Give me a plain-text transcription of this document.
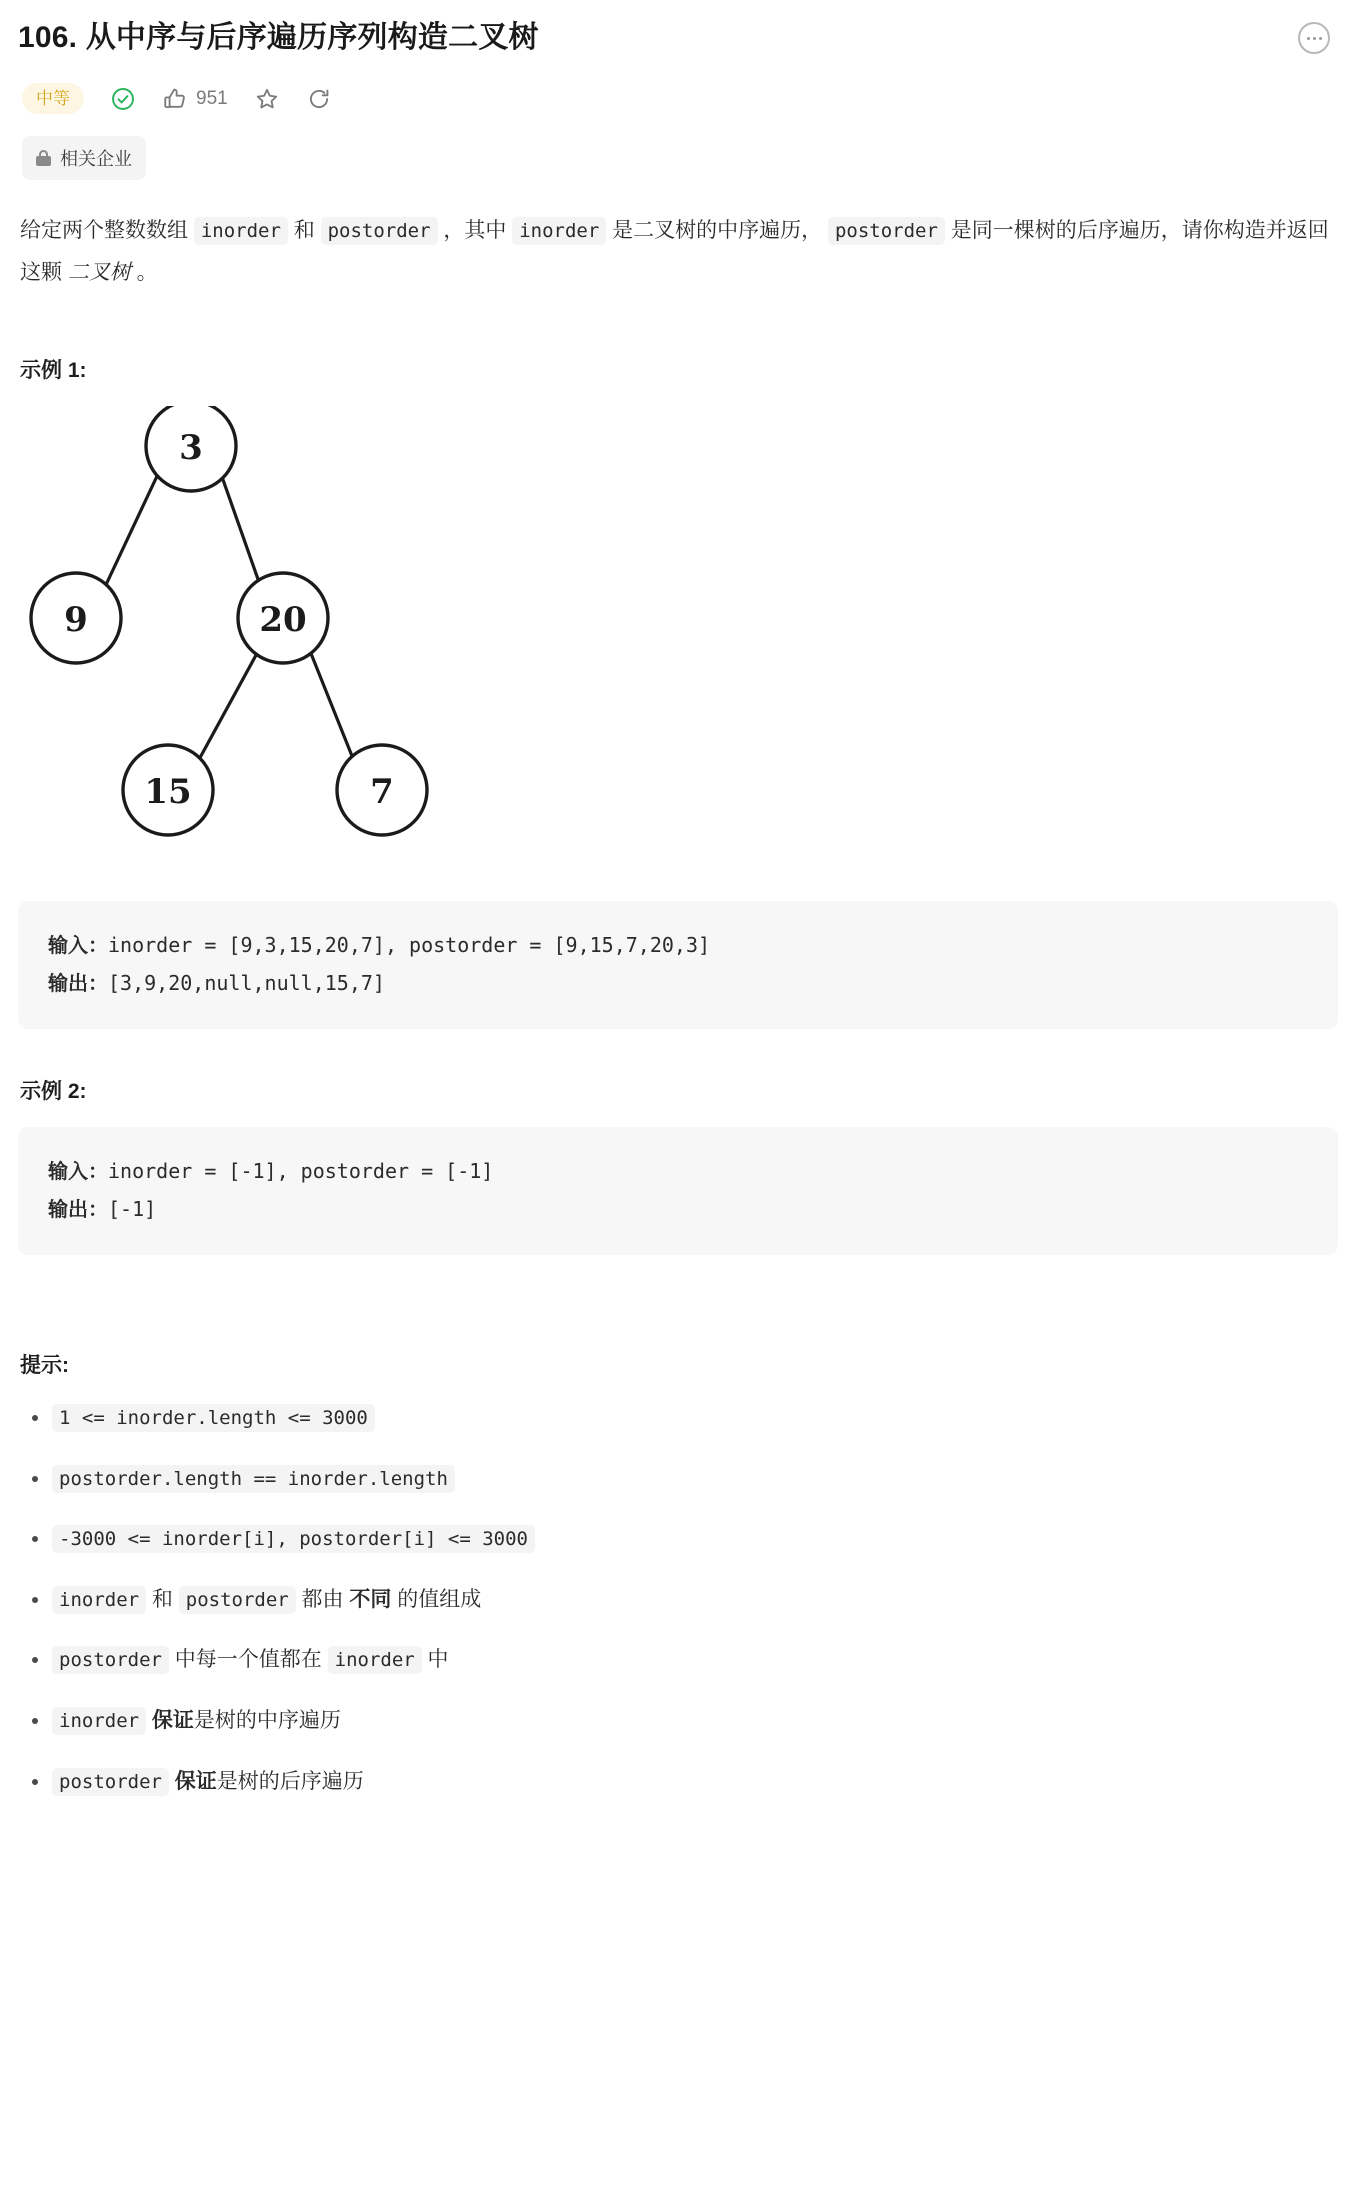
106. 从中序与后序遍历序列构造二叉树
中等	951
相关企业

给定两个整数数组 inorder 和 postorder ，其中 inorder 是二叉树的中序遍历， postorder 是同一棵树的后序遍历，请你构造并返回这颗 二叉树 。

示例 1:
3
9	20
15	7
输入：inorder = [9,3,15,20,7], postorder = [9,15,7,20,3]
输出：[3,9,20,null,null,15,7]
示例 2:
输入：inorder = [-1], postorder = [-1]
输出：[-1]
提示:
1 <= inorder.length <= 3000
postorder.length == inorder.length
-3000 <= inorder[i], postorder[i] <= 3000
inorder 和 postorder 都由 不同 的值组成
postorder 中每一个值都在 inorder 中
inorder 保证是树的中序遍历
postorder 保证是树的后序遍历
